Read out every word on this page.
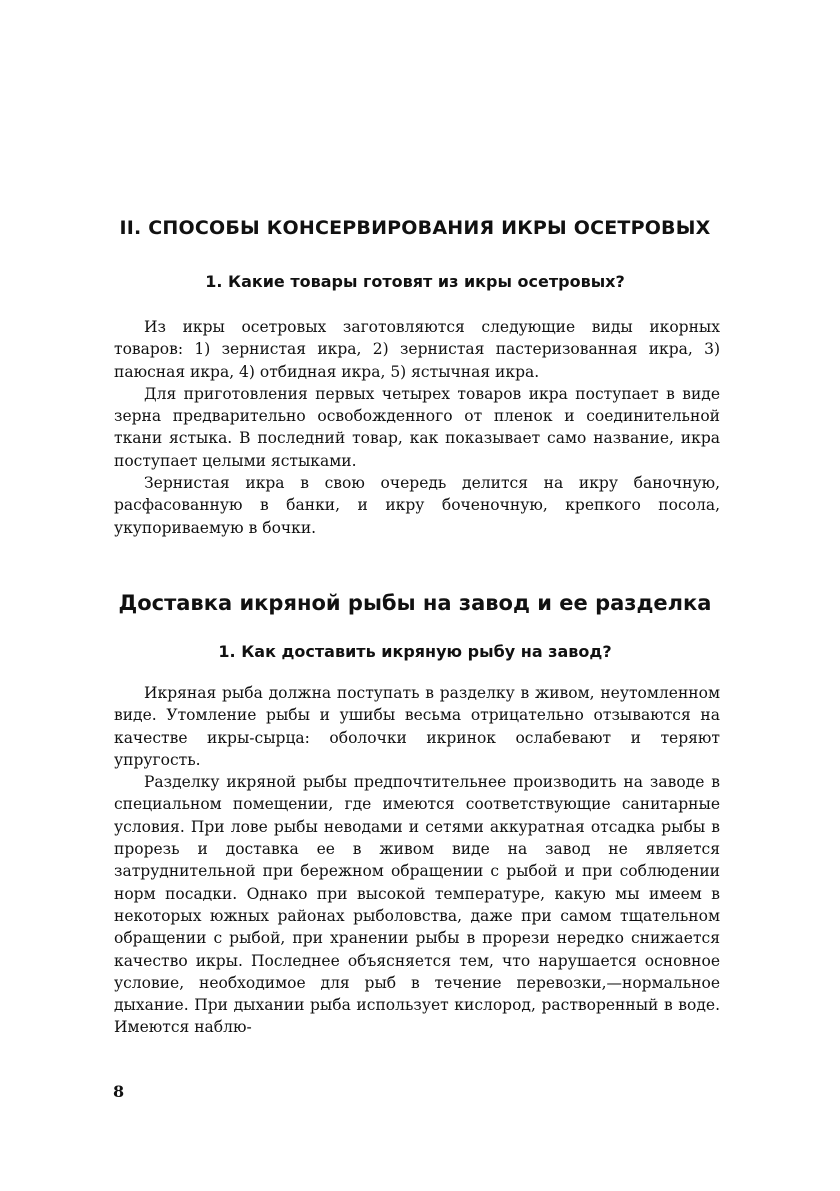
II. СПОСОБЫ КОНСЕРВИРОВАНИЯ ИКРЫ ОСЕТРОВЫХ
1. Какие товары готовят из икры осетровых?

Из икры осетровых заготовляются следующие виды икорных товаров: 1) зернистая икра, 2) зернистая пастеризованная икра, 3) паюсная икра, 4) отбидная икра, 5) ястычная икра.

Для приготовления первых четырех товаров икра поступает в виде зерна предварительно освобожденного от пленок и соединительной ткани ястыка. В последний товар, как показывает само название, икра поступает целыми ястыками.

Зернистая икра в свою очередь делится на икру баночную, расфасованную в банки, и икру боченочную, крепкого посола, укупориваемую в бочки.

Доставка икряной рыбы на завод и ее разделка
1. Как доставить икряную рыбу на завод?

Икряная рыба должна поступать в разделку в живом, неутомленном виде. Утомление рыбы и ушибы весьма отрицательно отзываются на качестве икры-сырца: оболочки икринок ослабевают и теряют упругость.

Разделку икряной рыбы предпочтительнее производить на заводе в специальном помещении, где имеются соответствующие санитарные условия. При лове рыбы неводами и сетями аккуратная отсадка рыбы в прорезь и доставка ее в живом виде на завод не является затруднительной при бережном обращении с рыбой и при соблюдении норм посадки. Однако при высокой температуре, какую мы имеем в некоторых южных районах рыболовства, даже при самом тщательном обращении с рыбой, при хранении рыбы в прорези нередко снижается качество икры. Последнее объясняется тем, что нарушается основное условие, необходимое для рыб в течение перевозки,—нормальное дыхание. При дыхании рыба использует кислород, растворенный в воде. Имеются наблю-

8
